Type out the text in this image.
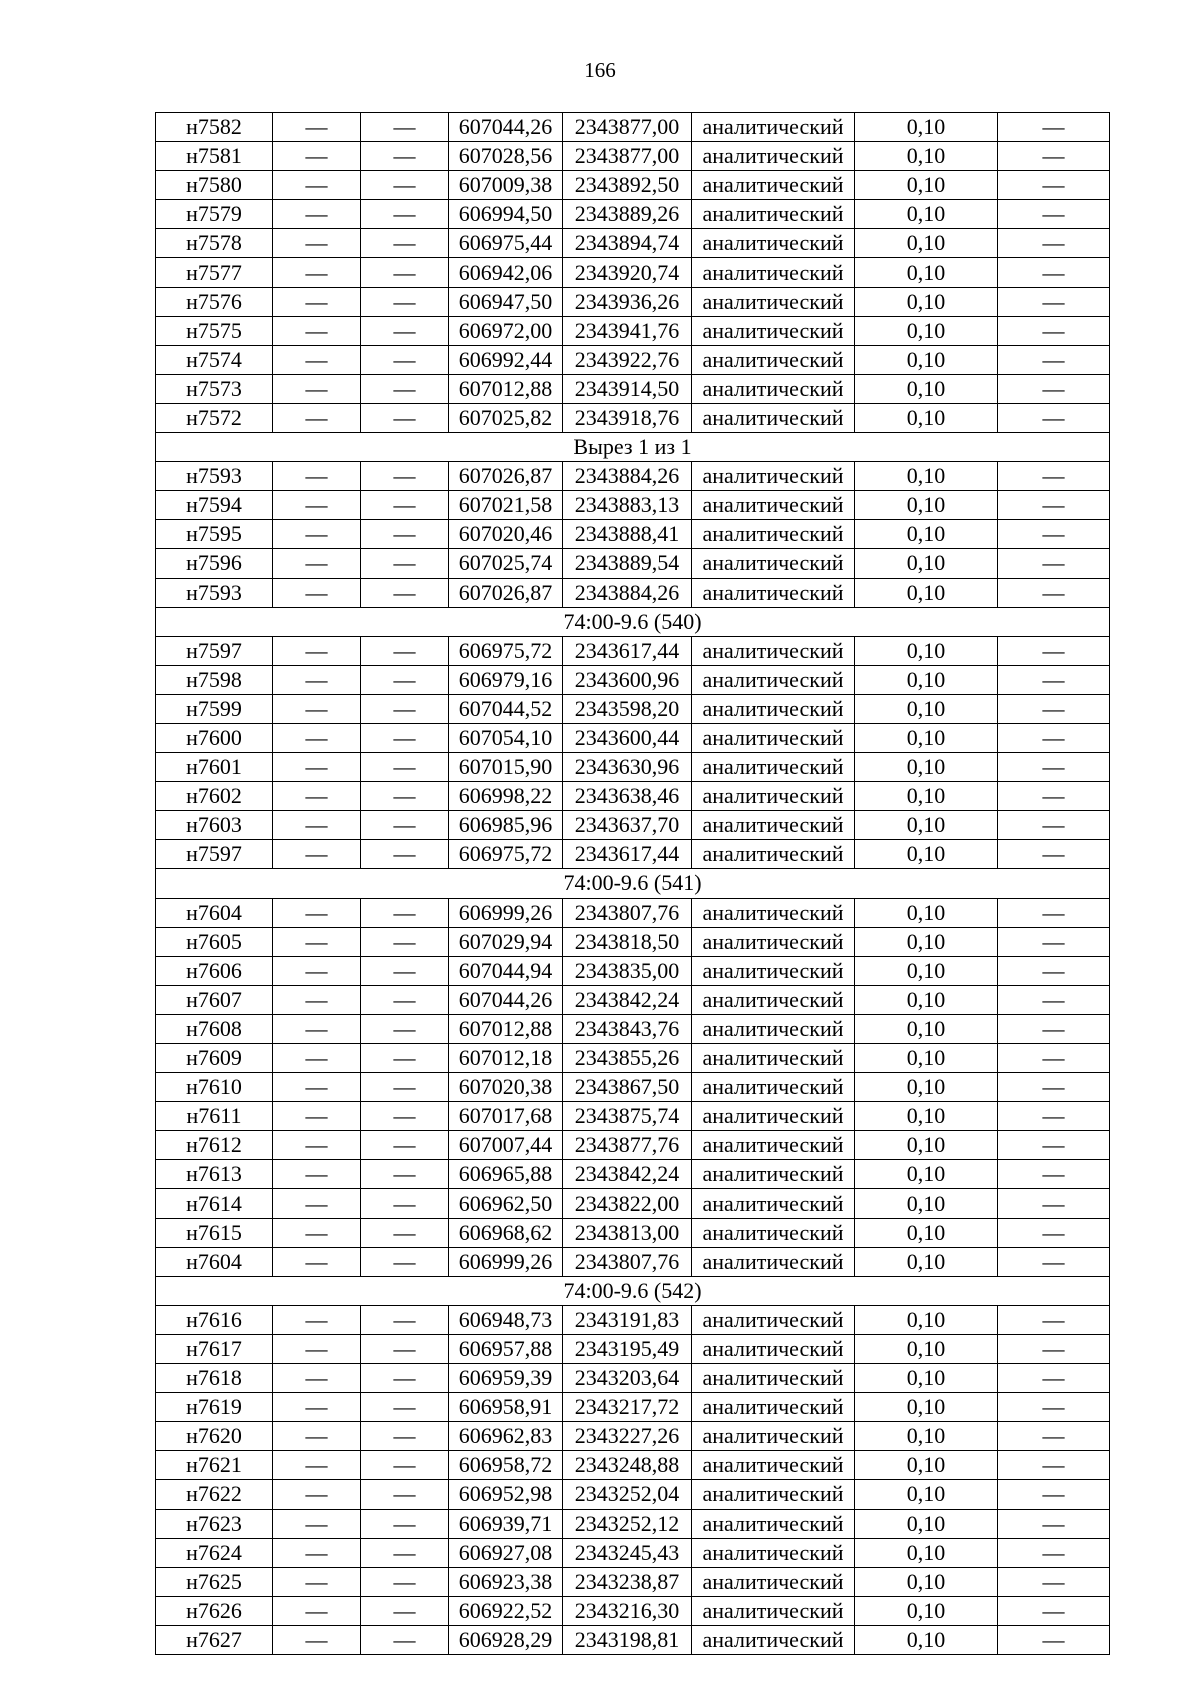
166
н7582	—	—	607044,26	2343877,00	аналитический	0,10	—
н7581	—	—	607028,56	2343877,00	аналитический	0,10	—
н7580	—	—	607009,38	2343892,50	аналитический	0,10	—
н7579	—	—	606994,50	2343889,26	аналитический	0,10	—
н7578	—	—	606975,44	2343894,74	аналитический	0,10	—
н7577	—	—	606942,06	2343920,74	аналитический	0,10	—
н7576	—	—	606947,50	2343936,26	аналитический	0,10	—
н7575	—	—	606972,00	2343941,76	аналитический	0,10	—
н7574	—	—	606992,44	2343922,76	аналитический	0,10	—
н7573	—	—	607012,88	2343914,50	аналитический	0,10	—
н7572	—	—	607025,82	2343918,76	аналитический	0,10	—
Вырез 1 из 1							
н7593	—	—	607026,87	2343884,26	аналитический	0,10	—
н7594	—	—	607021,58	2343883,13	аналитический	0,10	—
н7595	—	—	607020,46	2343888,41	аналитический	0,10	—
н7596	—	—	607025,74	2343889,54	аналитический	0,10	—
н7593	—	—	607026,87	2343884,26	аналитический	0,10	—
74:00-9.6 (540)							
н7597	—	—	606975,72	2343617,44	аналитический	0,10	—
н7598	—	—	606979,16	2343600,96	аналитический	0,10	—
н7599	—	—	607044,52	2343598,20	аналитический	0,10	—
н7600	—	—	607054,10	2343600,44	аналитический	0,10	—
н7601	—	—	607015,90	2343630,96	аналитический	0,10	—
н7602	—	—	606998,22	2343638,46	аналитический	0,10	—
н7603	—	—	606985,96	2343637,70	аналитический	0,10	—
н7597	—	—	606975,72	2343617,44	аналитический	0,10	—
74:00-9.6 (541)							
н7604	—	—	606999,26	2343807,76	аналитический	0,10	—
н7605	—	—	607029,94	2343818,50	аналитический	0,10	—
н7606	—	—	607044,94	2343835,00	аналитический	0,10	—
н7607	—	—	607044,26	2343842,24	аналитический	0,10	—
н7608	—	—	607012,88	2343843,76	аналитический	0,10	—
н7609	—	—	607012,18	2343855,26	аналитический	0,10	—
н7610	—	—	607020,38	2343867,50	аналитический	0,10	—
н7611	—	—	607017,68	2343875,74	аналитический	0,10	—
н7612	—	—	607007,44	2343877,76	аналитический	0,10	—
н7613	—	—	606965,88	2343842,24	аналитический	0,10	—
н7614	—	—	606962,50	2343822,00	аналитический	0,10	—
н7615	—	—	606968,62	2343813,00	аналитический	0,10	—
н7604	—	—	606999,26	2343807,76	аналитический	0,10	—
74:00-9.6 (542)							
н7616	—	—	606948,73	2343191,83	аналитический	0,10	—
н7617	—	—	606957,88	2343195,49	аналитический	0,10	—
н7618	—	—	606959,39	2343203,64	аналитический	0,10	—
н7619	—	—	606958,91	2343217,72	аналитический	0,10	—
н7620	—	—	606962,83	2343227,26	аналитический	0,10	—
н7621	—	—	606958,72	2343248,88	аналитический	0,10	—
н7622	—	—	606952,98	2343252,04	аналитический	0,10	—
н7623	—	—	606939,71	2343252,12	аналитический	0,10	—
н7624	—	—	606927,08	2343245,43	аналитический	0,10	—
н7625	—	—	606923,38	2343238,87	аналитический	0,10	—
н7626	—	—	606922,52	2343216,30	аналитический	0,10	—
н7627	—	—	606928,29	2343198,81	аналитический	0,10	—
